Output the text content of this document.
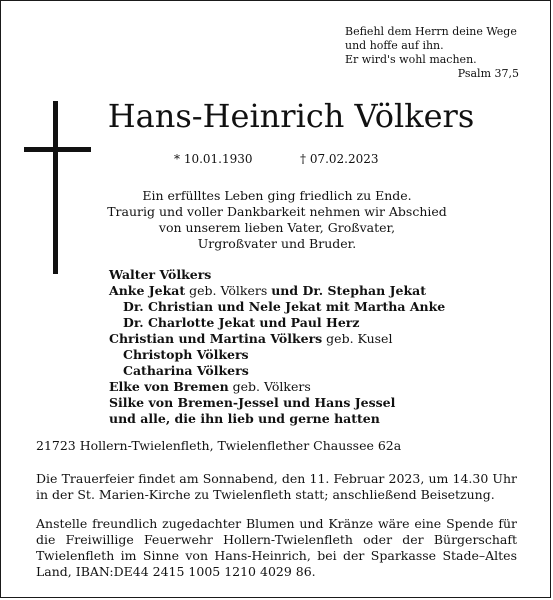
Befiehl dem Herrn deine Wege
und hoffe auf ihn.
Er wird's wohl machen.
Psalm 37,5
Hans-Heinrich Völkers
* 10.01.1930	† 07.02.2023
Ein erfülltes Leben ging friedlich zu Ende.
Traurig und voller Dankbarkeit nehmen wir Abschied
von unserem lieben Vater, Großvater,
Urgroßvater und Bruder.
Walter Völkers
Anke Jekat geb. Völkers und Dr. Stephan Jekat
Dr. Christian und Nele Jekat mit Martha Anke
Dr. Charlotte Jekat und Paul Herz
Christian und Martina Völkers geb. Kusel
Christoph Völkers
Catharina Völkers
Elke von Bremen geb. Völkers
Silke von Bremen-Jessel und Hans Jessel
und alle, die ihn lieb und gerne hatten
21723 Hollern-Twielenfleth, Twielenflether Chaussee 62a
Die Trauerfeier findet am Sonnabend, den 11. Februar 2023, um 14.30 Uhr in der St. Marien-Kirche zu Twielenfleth statt; anschließend Beisetzung.
Anstelle freundlich zugedachter Blumen und Kränze wäre eine Spende für die Freiwillige Feuerwehr Hollern-Twielenfleth oder der Bürgerschaft Twielenfleth im Sinne von Hans-Heinrich, bei der Sparkasse Stade–Altes Land, IBAN:DE44 2415 1005 1210 4029 86.
